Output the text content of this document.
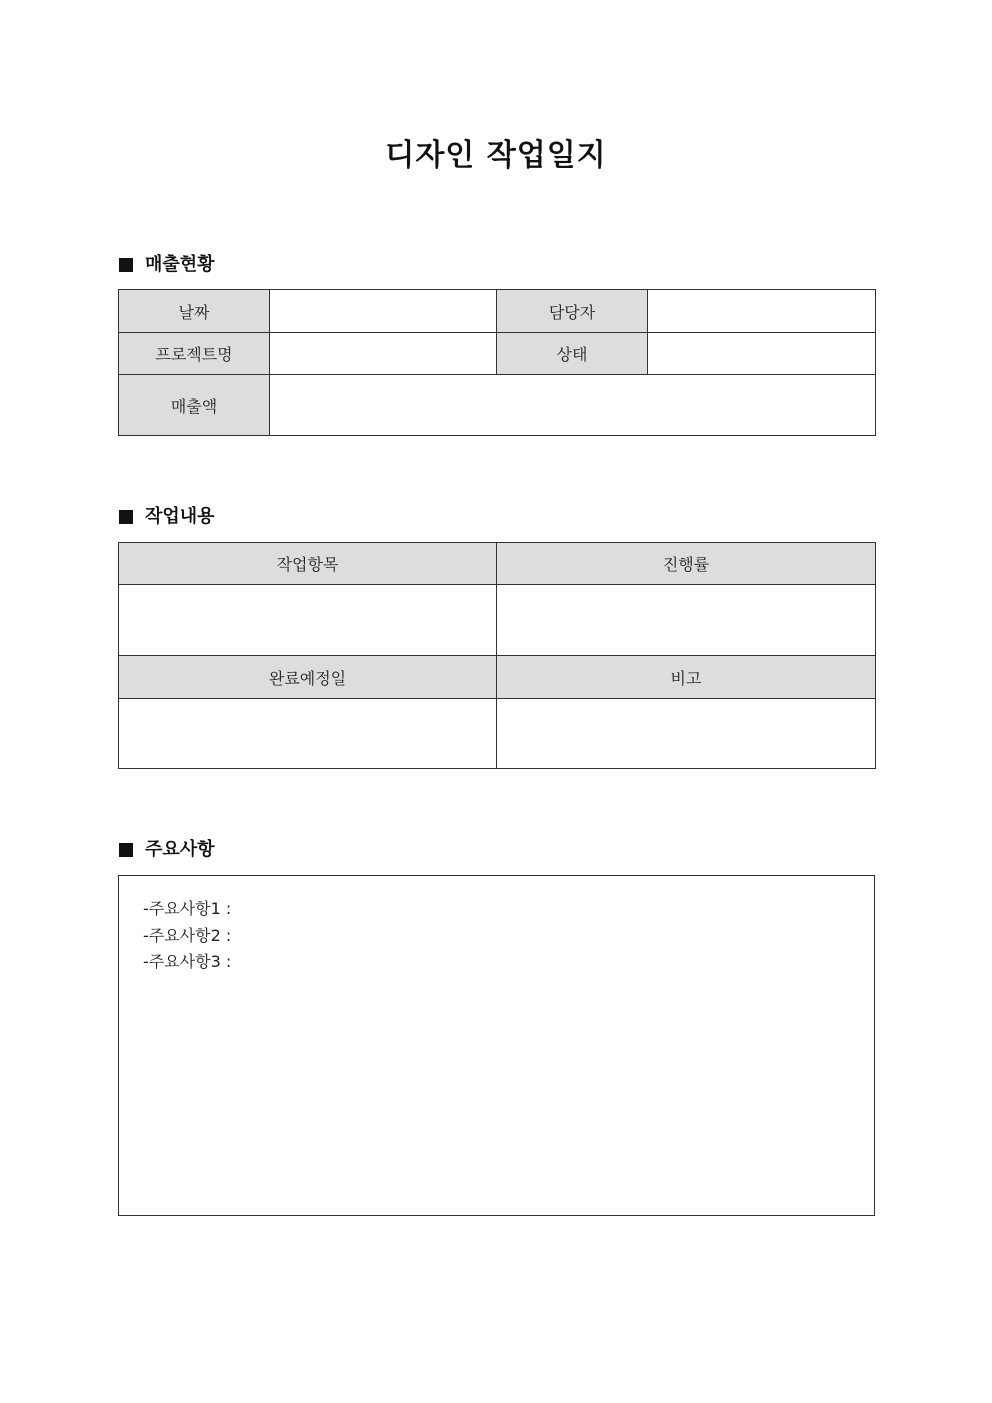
디자인 작업일지
매출현황
날짜		담당자	
프로젝트명		상태	
매출액			
작업내용
작업항목	진행률

완료예정일	비고

주요사항
-주요사항1 :
-주요사항2 :
-주요사항3 :
